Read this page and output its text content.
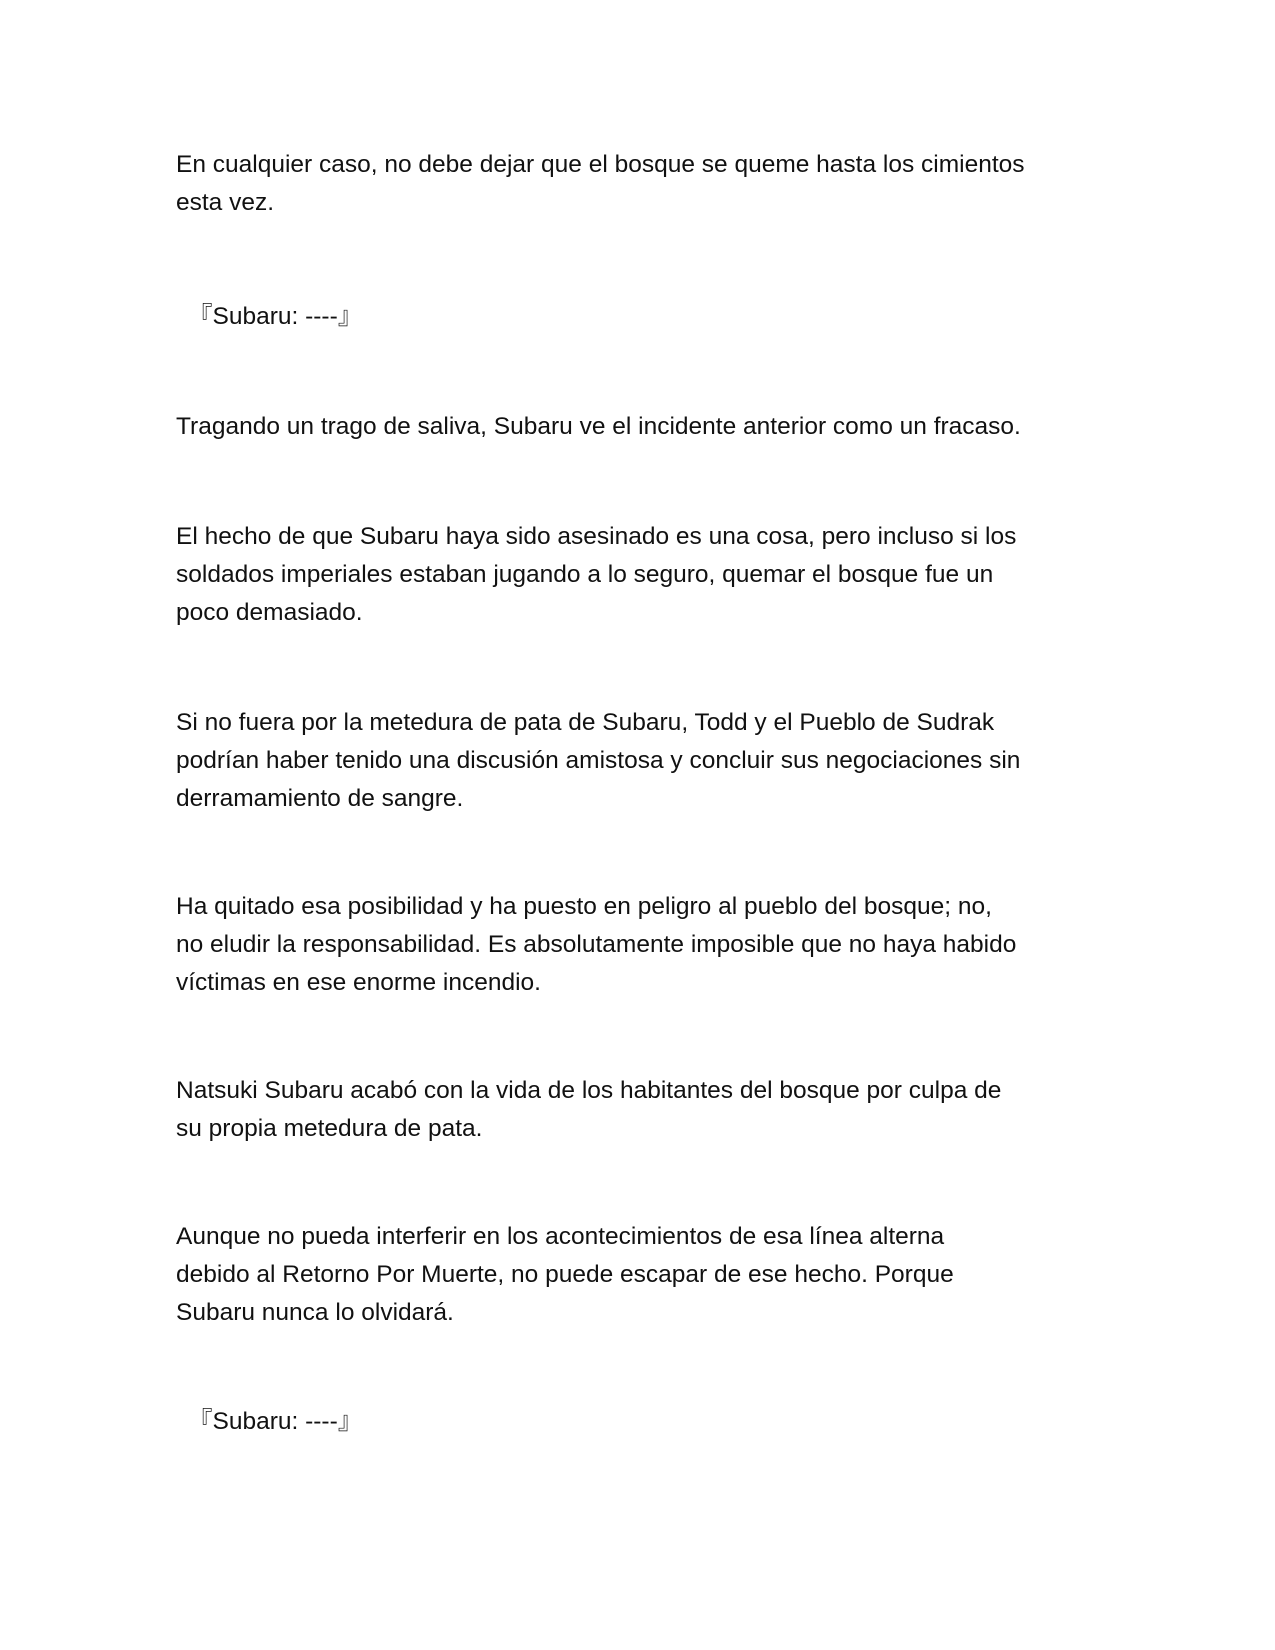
En cualquier caso, no debe dejar que el bosque se queme hasta los cimientos
esta vez.

『Subaru: ----』

Tragando un trago de saliva, Subaru ve el incidente anterior como un fracaso.

El hecho de que Subaru haya sido asesinado es una cosa, pero incluso si los
soldados imperiales estaban jugando a lo seguro, quemar el bosque fue un
poco demasiado.

Si no fuera por la metedura de pata de Subaru, Todd y el Pueblo de Sudrak
podrían haber tenido una discusión amistosa y concluir sus negociaciones sin
derramamiento de sangre.

Ha quitado esa posibilidad y ha puesto en peligro al pueblo del bosque; no,
no eludir la responsabilidad. Es absolutamente imposible que no haya habido
víctimas en ese enorme incendio.

Natsuki Subaru acabó con la vida de los habitantes del bosque por culpa de
su propia metedura de pata.

Aunque no pueda interferir en los acontecimientos de esa línea alterna
debido al Retorno Por Muerte, no puede escapar de ese hecho. Porque
Subaru nunca lo olvidará.

『Subaru: ----』
